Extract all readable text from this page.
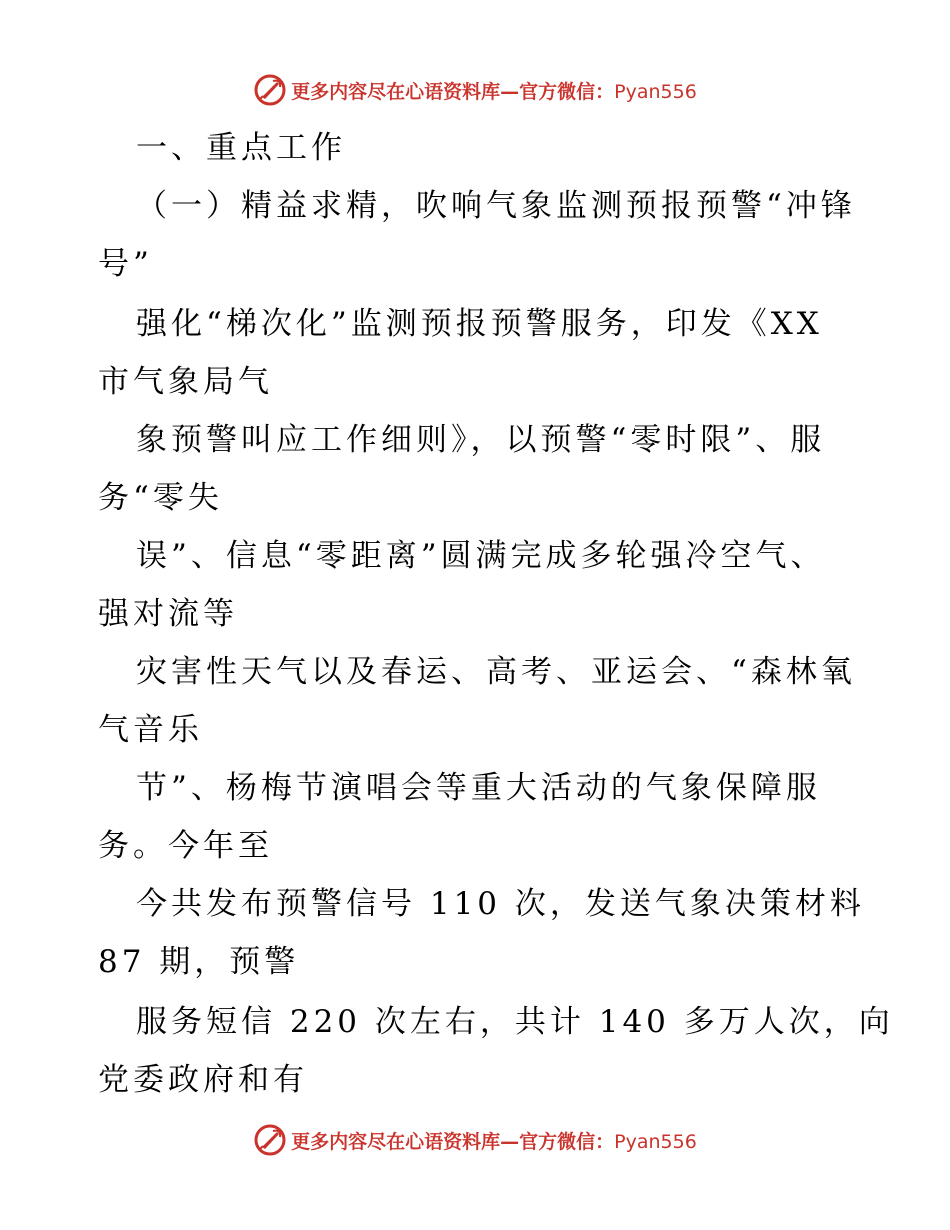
更多内容尽在心语资料库—官方微信：Pyan556
一、重点工作
（一）精益求精，吹响气象监测预报预警“冲锋
号”
强化“梯次化”监测预报预警服务，印发《XX
市气象局气
象预警叫应工作细则》，以预警“零时限”、服
务“零失
误”、信息“零距离”圆满完成多轮强冷空气、
强对流等
灾害性天气以及春运、高考、亚运会、“森林氧
气音乐
节”、杨梅节演唱会等重大活动的气象保障服
务。今年至
今共发布预警信号 110 次，发送气象决策材料
87 期，预警
服务短信 220 次左右，共计 140 多万人次，向
党委政府和有
更多内容尽在心语资料库—官方微信：Pyan556
